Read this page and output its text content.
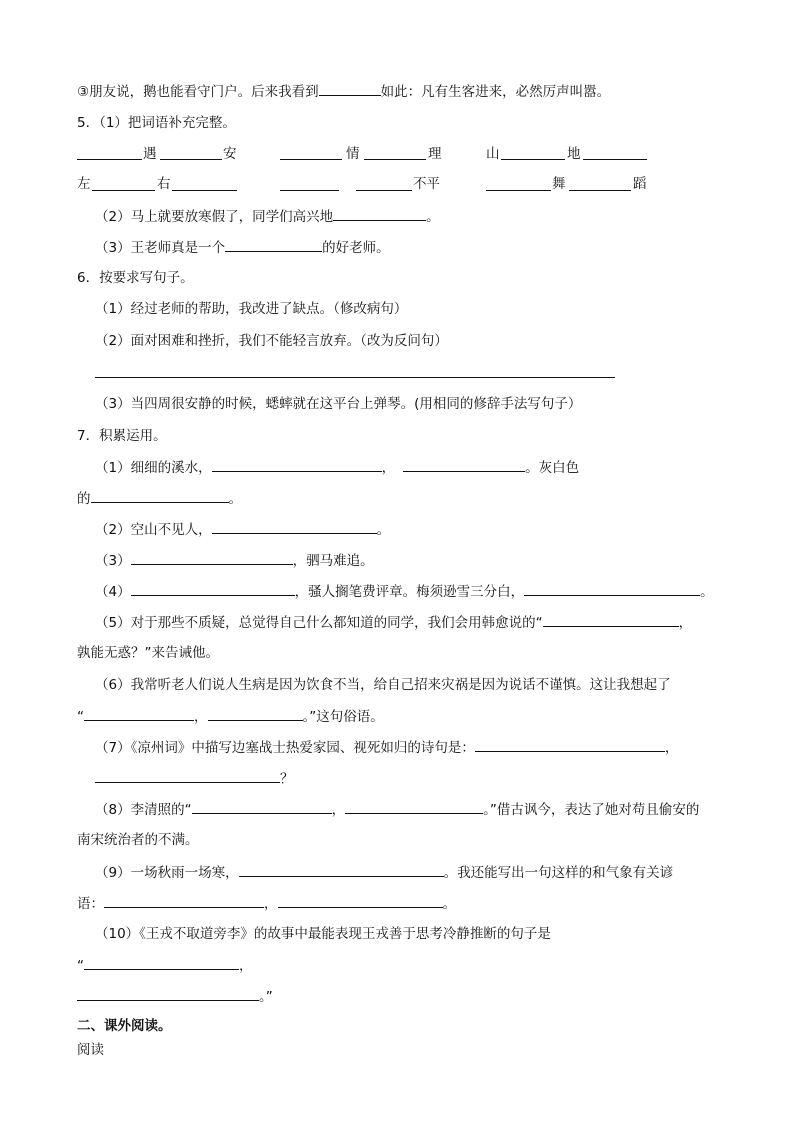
③朋友说，鹅也能看守门户。后来我看到	如此：凡有生客进来，必然厉声叫嚣。
5．（1）把词语补充完整。
遇	安	情	理	山	地
左	右	不平	舞	蹈
（2）马上就要放寒假了，同学们高兴地	。
（3）王老师真是一个	的好老师。
6．按要求写句子。
（1）经过老师的帮助，我改进了缺点。（修改病句）
（2）面对困难和挫折，我们不能轻言放弃。（改为反问句）
（3）当四周很安静的时候，蟋蟀就在这平台上弹琴。(用相同的修辞手法写句子）
7．积累运用。
（1）细细的溪水，	，	。灰白色
的	。
（2）空山不见人，	。
（3）	，驷马难追。
（4）	，骚人搁笔费评章。梅须逊雪三分白，	。
（5）对于那些不质疑，总觉得自己什么都知道的同学，我们会用韩愈说的“	，
孰能无惑？”来告诫他。
（6）我常听老人们说人生病是因为饮食不当，给自己招来灾祸是因为说话不谨慎。这让我想起了
“	，	。”这句俗语。
（7）《凉州词》中描写边塞战士热爱家园、视死如归的诗句是：	，
？
（8）李清照的“	，	。”借古讽今，表达了她对苟且偷安的
南宋统治者的不满。
（9）一场秋雨一场寒，	。我还能写出一句这样的和气象有关谚
语：	，	。
（10）《王戎不取道旁李》的故事中最能表现王戎善于思考冷静推断的句子是
“	，
。”
二、课外阅读。
阅读
